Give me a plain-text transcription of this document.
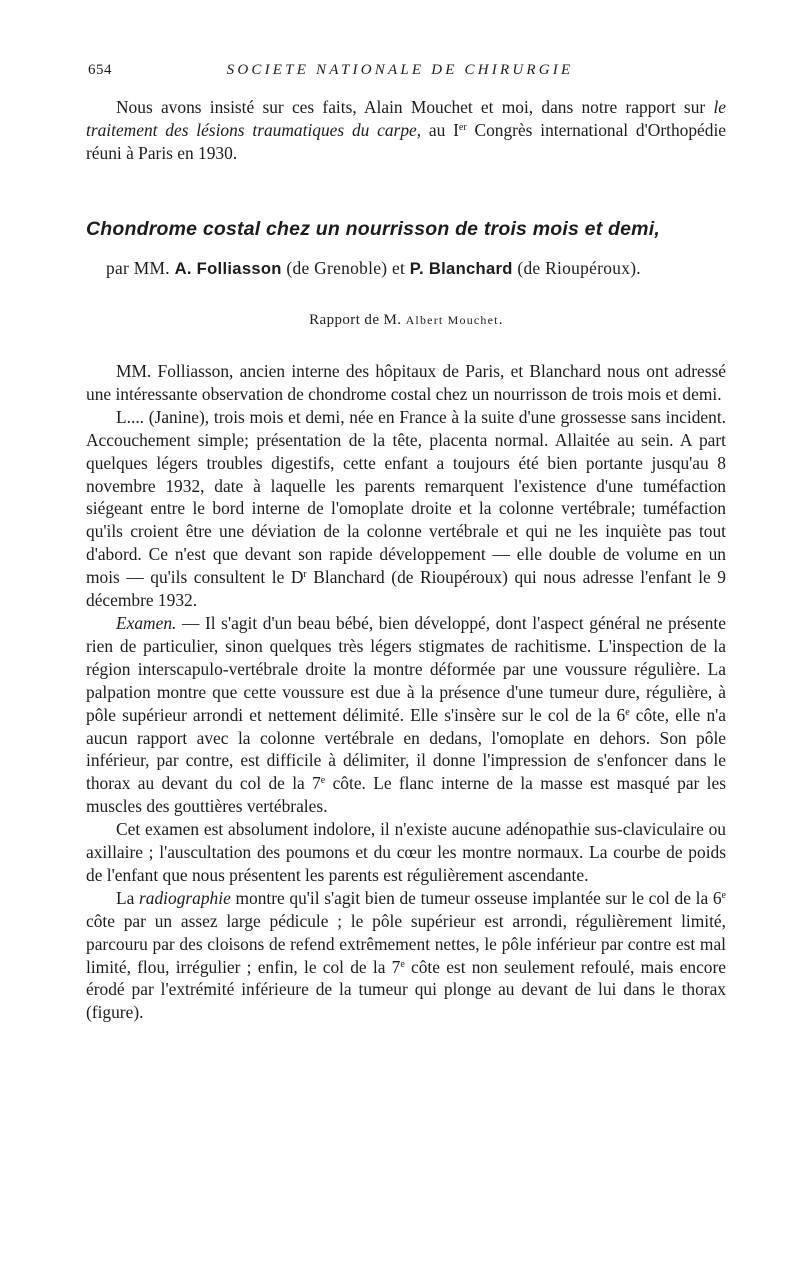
654	SOCIETE NATIONALE DE CHIRURGIE

Nous avons insisté sur ces faits, Alain Mouchet et moi, dans notre rapport sur le traitement des lésions traumatiques du carpe, au Ier Congrès international d'Orthopédie réuni à Paris en 1930.

Chondrome costal chez un nourrisson de trois mois et demi,
par MM. A. Folliasson (de Grenoble) et P. Blanchard (de Rioupéroux).
Rapport de M. Albert Mouchet.

MM. Folliasson, ancien interne des hôpitaux de Paris, et Blanchard nous ont adressé une intéressante observation de chondrome costal chez un nourrisson de trois mois et demi.

L.... (Janine), trois mois et demi, née en France à la suite d'une grossesse sans incident. Accouchement simple; présentation de la tête, placenta normal. Allaitée au sein. A part quelques légers troubles digestifs, cette enfant a toujours été bien portante jusqu'au 8 novembre 1932, date à laquelle les parents remarquent l'existence d'une tuméfaction siégeant entre le bord interne de l'omoplate droite et la colonne vertébrale; tuméfaction qu'ils croient être une déviation de la colonne vertébrale et qui ne les inquiète pas tout d'abord. Ce n'est que devant son rapide développement — elle double de volume en un mois — qu'ils consultent le $D^r$ Blanchard (de Rioupéroux) qui nous adresse l'enfant le 9 décembre 1932.

Examen. — Il s'agit d'un beau bébé, bien développé, dont l'aspect général ne présente rien de particulier, sinon quelques très légers stigmates de rachitisme. L'inspection de la région interscapulo-vertébrale droite la montre déformée par une voussure régulière. La palpation montre que cette voussure est due à la présence d'une tumeur dure, régulière, à pôle supérieur arrondi et nettement délimité. Elle s'insère sur le col de la 6e côte, elle n'a aucun rapport avec la colonne vertébrale en dedans, l'omoplate en dehors. Son pôle inférieur, par contre, est difficile à délimiter, il donne l'impression de s'enfoncer dans le thorax au devant du col de la 7e côte. Le flanc interne de la masse est masqué par les muscles des gouttières vertébrales.

Cet examen est absolument indolore, il n'existe aucune adénopathie sus-claviculaire ou axillaire ; l'auscultation des poumons et du cœur les montre normaux. La courbe de poids de l'enfant que nous présentent les parents est régulièrement ascendante.

La radiographie montre qu'il s'agit bien de tumeur osseuse implantée sur le col de la 6e côte par un assez large pédicule ; le pôle supérieur est arrondi, régulièrement limité, parcouru par des cloisons de refend extrêmement nettes, le pôle inférieur par contre est mal limité, flou, irrégulier ; enfin, le col de la 7e côte est non seulement refoulé, mais encore érodé par l'extrémité inférieure de la tumeur qui plonge au devant de lui dans le thorax (figure).
